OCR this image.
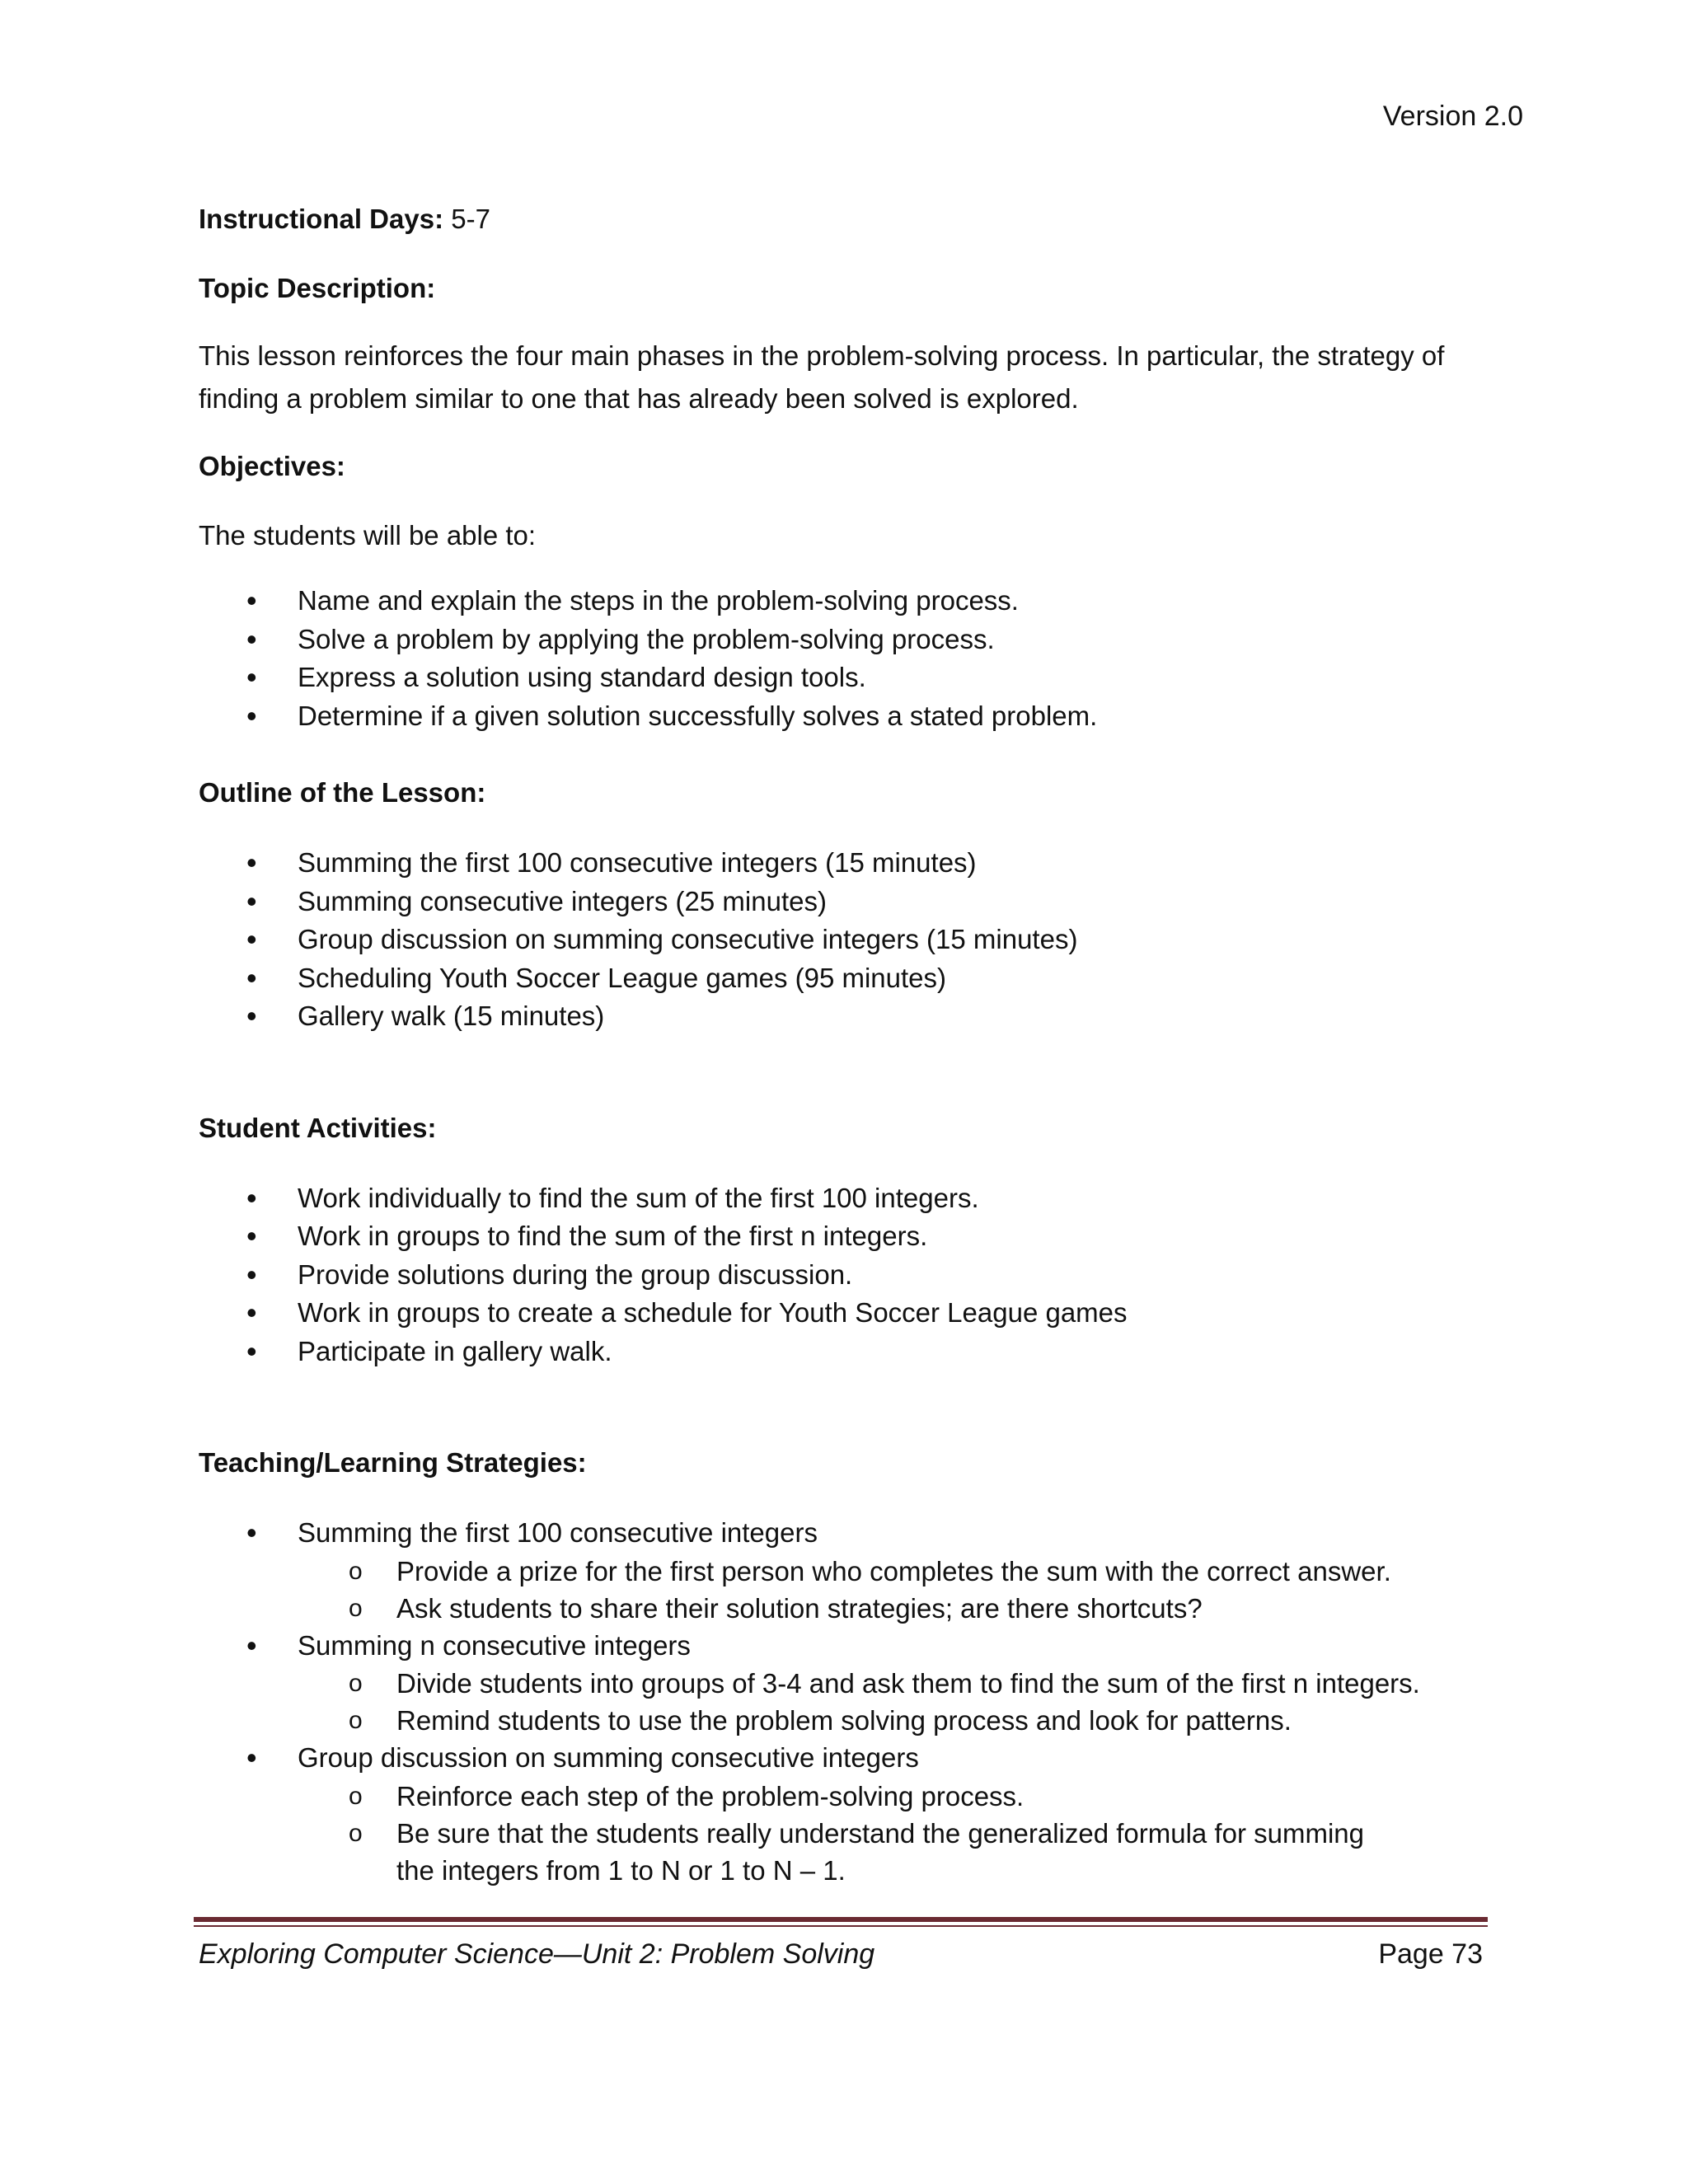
Version 2.0

Instructional Days: 5-7

Topic Description:

This lesson reinforces the four main phases in the problem-solving process. In particular, the strategy of
finding a problem similar to one that has already been solved is explored.

Objectives:

The students will be able to:

• Name and explain the steps in the problem-solving process.
• Solve a problem by applying the problem-solving process.
• Express a solution using standard design tools.
• Determine if a given solution successfully solves a stated problem.

Outline of the Lesson:

• Summing the first 100 consecutive integers (15 minutes)
• Summing consecutive integers (25 minutes)
• Group discussion on summing consecutive integers (15 minutes)
• Scheduling Youth Soccer League games (95 minutes)
• Gallery walk (15 minutes)

Student Activities:

• Work individually to find the sum of the first 100 integers.
• Work in groups to find the sum of the first n integers.
• Provide solutions during the group discussion.
• Work in groups to create a schedule for Youth Soccer League games
• Participate in gallery walk.

Teaching/Learning Strategies:

• Summing the first 100 consecutive integers
o Provide a prize for the first person who completes the sum with the correct answer.
o Ask students to share their solution strategies; are there shortcuts?
• Summing n consecutive integers
o Divide students into groups of 3-4 and ask them to find the sum of the first n integers.
o Remind students to use the problem solving process and look for patterns.
• Group discussion on summing consecutive integers
o Reinforce each step of the problem-solving process.
o Be sure that the students really understand the generalized formula for summing the integers from 1 to N or 1 to N – 1.
Exploring Computer Science—Unit 2: Problem Solving	Page 73
